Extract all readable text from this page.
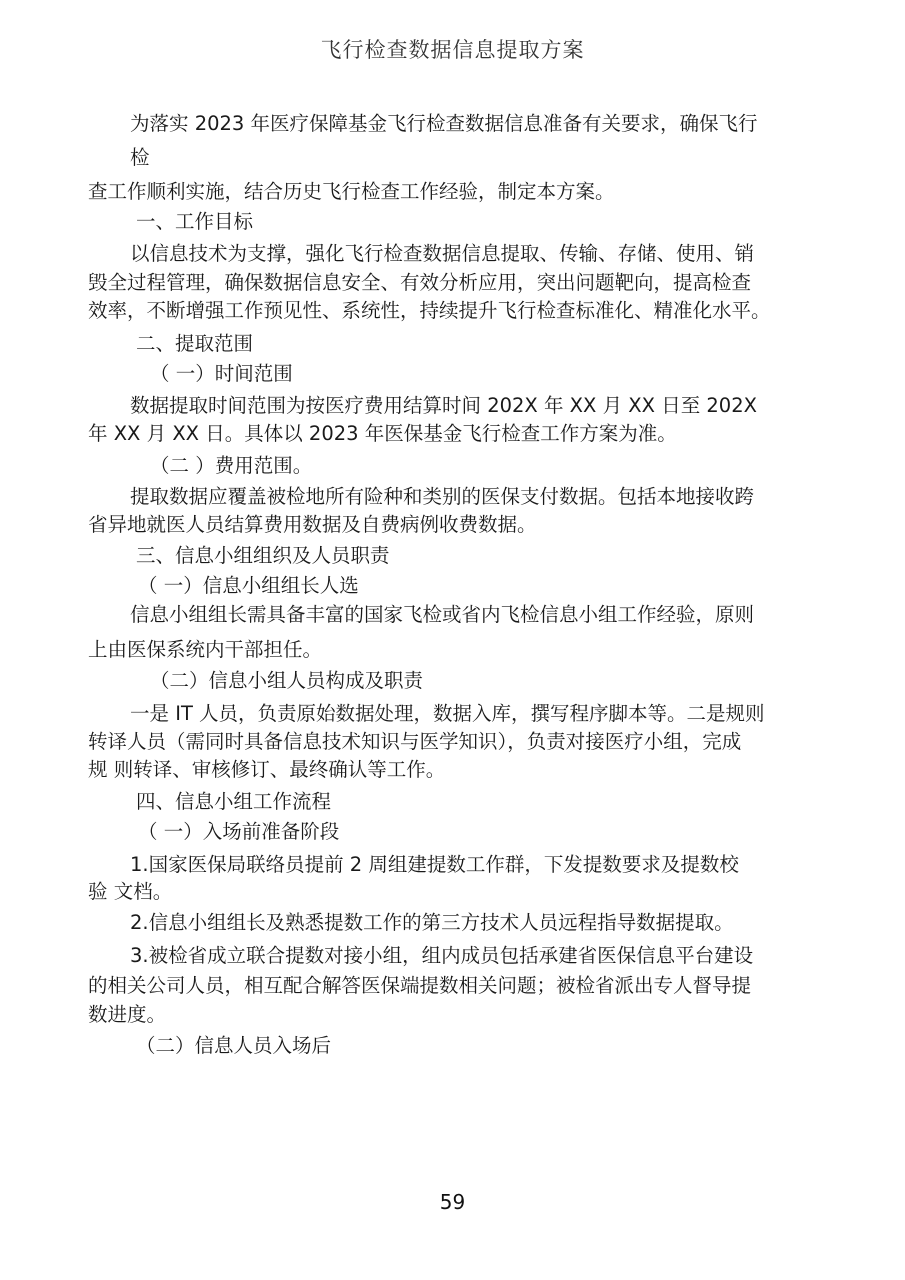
飞行检查数据信息提取方案
为落实 2023 年医疗保障基金飞行检查数据信息准备有关要求，确保飞行
检
查工作顺利实施，结合历史飞行检查工作经验，制定本方案。
一、工作目标
以信息技术为支撑，强化飞行检查数据信息提取、传输、存储、使用、销
毁全过程管理，确保数据信息安全、有效分析应用，突出问题靶向，提高检查
效率，不断增强工作预见性、系统性，持续提升飞行检查标准化、精准化水平。
二、提取范围
（ 一）时间范围
数据提取时间范围为按医疗费用结算时间 202X 年 XX 月 XX 日至 202X
年 XX 月 XX 日。具体以 2023 年医保基金飞行检查工作方案为准。
（二 ）费用范围。
提取数据应覆盖被检地所有险种和类别的医保支付数据。包括本地接收跨
省异地就医人员结算费用数据及自费病例收费数据。
三、信息小组组织及人员职责
（ 一）信息小组组长人选
信息小组组长需具备丰富的国家飞检或省内飞检信息小组工作经验，原则
上由医保系统内干部担任。
（二）信息小组人员构成及职责
一是 IT 人员，负责原始数据处理，数据入库，撰写程序脚本等。二是规则
转译人员（需同时具备信息技术知识与医学知识），负责对接医疗小组，完成
规 则转译、审核修订、最终确认等工作。
四、信息小组工作流程
（ 一）入场前准备阶段
1.国家医保局联络员提前 2 周组建提数工作群，下发提数要求及提数校
验 文档。
2.信息小组组长及熟悉提数工作的第三方技术人员远程指导数据提取。
3.被检省成立联合提数对接小组，组内成员包括承建省医保信息平台建设
的相关公司人员，相互配合解答医保端提数相关问题；被检省派出专人督导提
数进度。
（二）信息人员入场后
59
